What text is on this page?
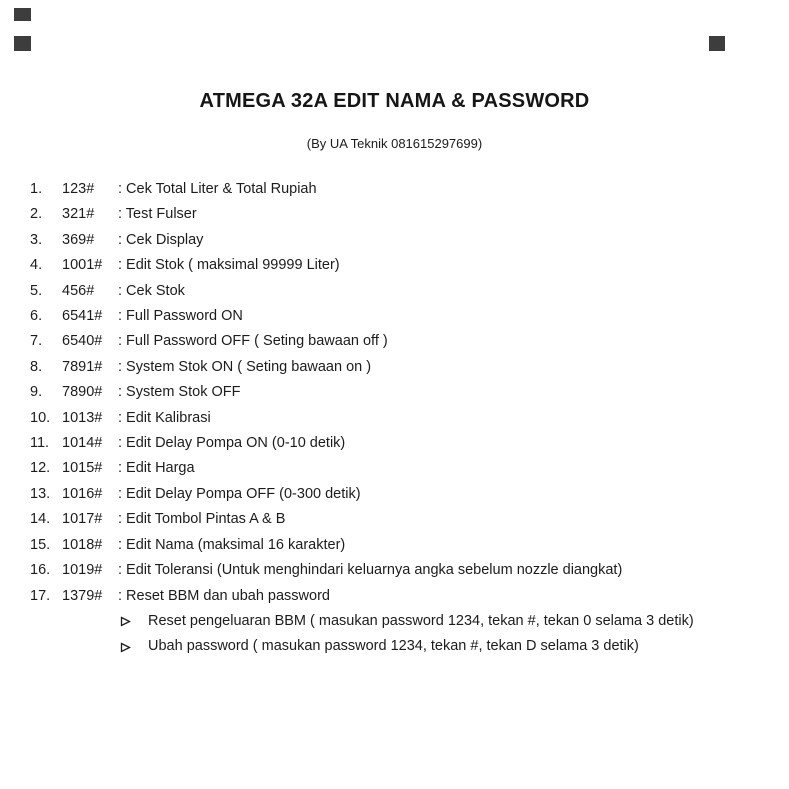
ATMEGA 32A EDIT NAMA & PASSWORD
(By UA Teknik 081615297699)
1.	123#	: Cek Total Liter & Total Rupiah
2.	321#	: Test Fulser
3.	369#	: Cek Display
4.	1001#	: Edit Stok ( maksimal 99999 Liter)
5.	456#	: Cek Stok
6.	6541#	: Full Password ON
7.	6540#	: Full Password OFF ( Seting bawaan off )
8.	7891#	: System Stok ON ( Seting bawaan on )
9.	7890#	: System Stok OFF
10. 1013#	: Edit Kalibrasi
11. 1014#	: Edit Delay Pompa ON (0-10 detik)
12. 1015#	: Edit Harga
13. 1016#	: Edit Delay Pompa OFF (0-300 detik)
14. 1017#	: Edit Tombol Pintas A & B
15. 1018#	: Edit Nama (maksimal 16 karakter)
16. 1019#	: Edit Toleransi (Untuk menghindari keluarnya angka sebelum nozzle diangkat)
17. 1379#	: Reset BBM dan ubah password
Reset pengeluaran BBM ( masukan password 1234, tekan #, tekan 0 selama 3 detik)
Ubah password ( masukan password 1234, tekan #, tekan D selama 3 detik)
